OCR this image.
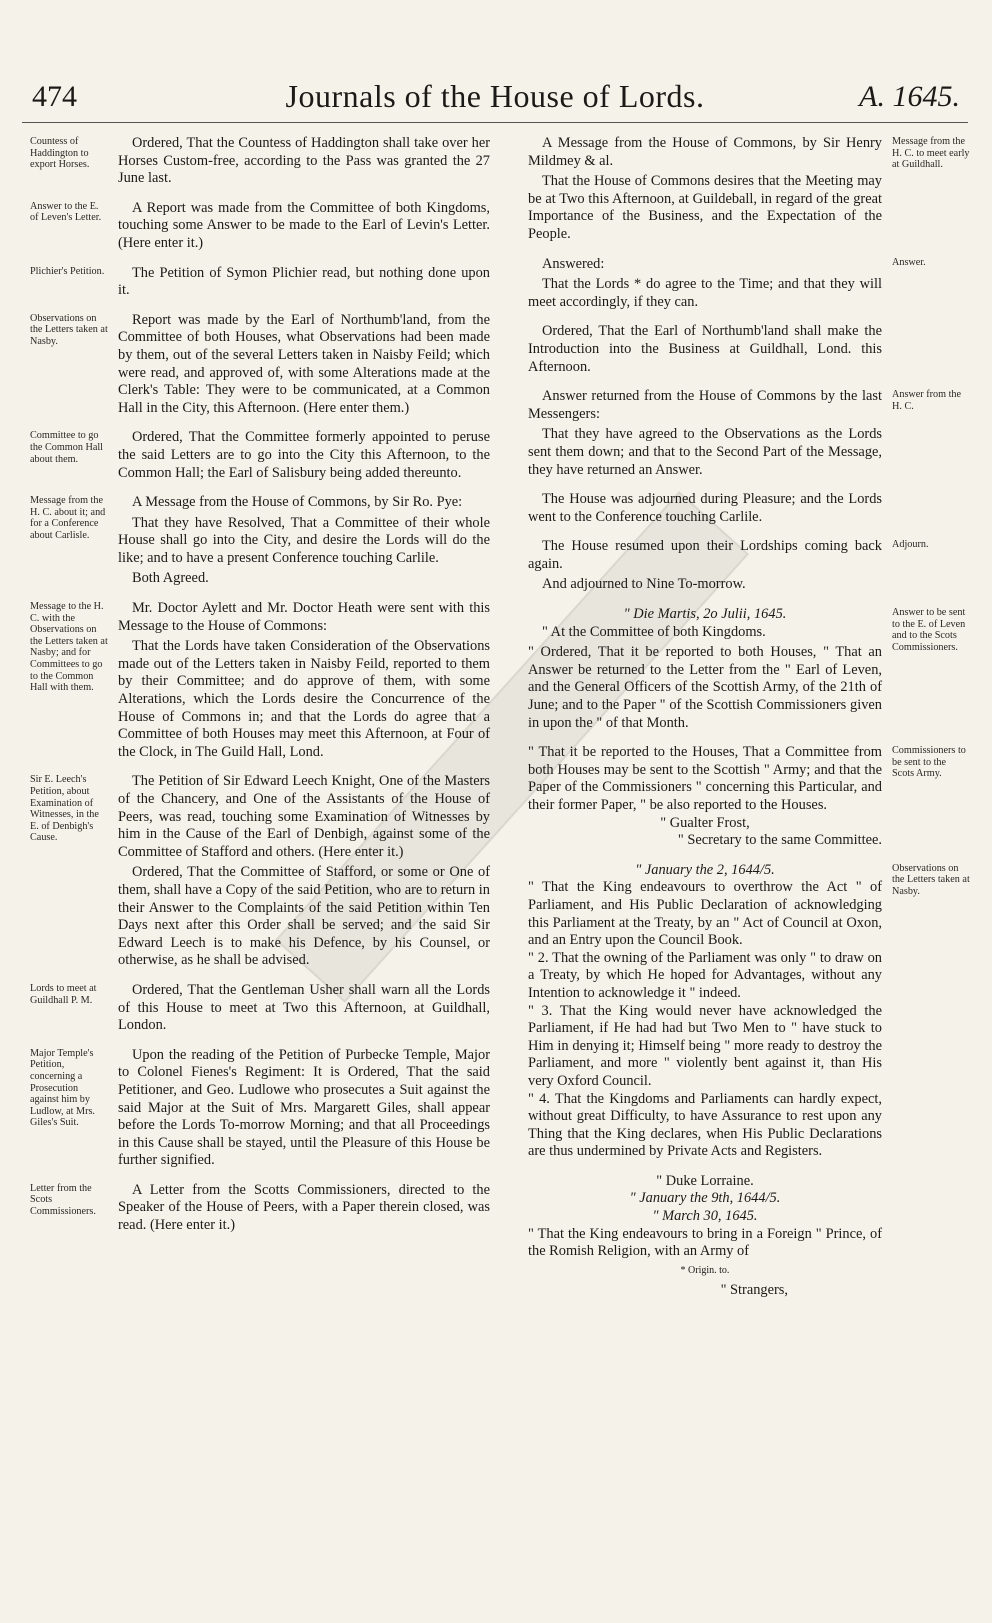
474	Journals of the House of Lords.	A. 1645.
Countess of Haddington to export Horses.
Ordered, That the Countess of Haddington shall take over her Horses Custom-free, according to the Pass was granted the 27 June last.
Answer to the E. of Leven's Letter.
A Report was made from the Committee of both Kingdoms, touching some Answer to be made to the Earl of Levin's Letter. (Here enter it.)
Plichier's Petition.	The Petition of Symon Plichier read, but nothing done upon it.
Observations on the Letters taken at Nasby.
Report was made by the Earl of Northumb'land, from the Committee of both Houses, what Observations had been made by them, out of the several Letters taken in Naisby Feild; which were read, and approved of, with some Alterations made at the Clerk's Table: They were to be communicated, at a Common Hall in the City, this Afternoon. (Here enter them.)
Committee to go the Common Hall about them.
Ordered, That the Committee formerly appointed to peruse the said Letters are to go into the City this Afternoon, to the Common Hall; the Earl of Salisbury being added thereunto.
Message from the H. C. about it; and for a Conference about Carlisle.
A Message from the House of Commons, by Sir Ro. Pye:
That they have Resolved, That a Committee of their whole House shall go into the City, and desire the Lords will do the like; and to have a present Conference touching Carlile.
Both Agreed.
Message to the H. C. with the Observations on the Letters taken at Nasby; and for Committees to go to the Common Hall with them.
Mr. Doctor Aylett and Mr. Doctor Heath were sent with this Message to the House of Commons:
That the Lords have taken Consideration of the Observations made out of the Letters taken in Naisby Feild, reported to them by their Committee; and do approve of them, with some Alterations, which the Lords desire the Concurrence of the House of Commons in; and that the Lords do agree that a Committee of both Houses may meet this Afternoon, at Four of the Clock, in The Guild Hall, Lond.
Sir E. Leech's Petition, about Examination of Witnesses, in the E. of Denbigh's Cause.
The Petition of Sir Edward Leech Knight, One of the Masters of the Chancery, and One of the Assistants of the House of Peers, was read, touching some Examination of Witnesses by him in the Cause of the Earl of Denbigh, against some of the Committee of Stafford and others. (Here enter it.)
Ordered, That the Committee of Stafford, or some or One of them, shall have a Copy of the said Petition, who are to return in their Answer to the Complaints of the said Petition within Ten Days next after this Order shall be served; and the said Sir Edward Leech is to make his Defence, by his Counsel, or otherwise, as he shall be advised.
Lords to meet at Guildhall P. M.
Ordered, That the Gentleman Usher shall warn all the Lords of this House to meet at Two this Afternoon, at Guildhall, London.
Major Temple's Petition, concerning a Prosecution against him by Ludlow, at Mrs. Giles's Suit.
Upon the reading of the Petition of Purbecke Temple, Major to Colonel Fienes's Regiment: It is Ordered, That the said Petitioner, and Geo. Ludlowe who prosecutes a Suit against the said Major at the Suit of Mrs. Margarett Giles, shall appear before the Lords To-morrow Morning; and that all Proceedings in this Cause shall be stayed, until the Pleasure of this House be further signified.
Letter from the Scots Commissioners.
A Letter from the Scotts Commissioners, directed to the Speaker of the House of Peers, with a Paper therein closed, was read. (Here enter it.)
Message from the H. C. to meet early at Guildhall.
A Message from the House of Commons, by Sir Henry Mildmey & al.
That the House of Commons desires that the Meeting may be at Two this Afternoon, at Guildeball, in regard of the great Importance of the Business, and the Expectation of the People.
Answer.
Answered:
That the Lords * do agree to the Time; and that they will meet accordingly, if they can.
Ordered, That the Earl of Northumb'land shall make the Introduction into the Business at Guildhall, Lond. this Afternoon.
Answer from the H. C.
Answer returned from the House of Commons by the last Messengers:
That they have agreed to the Observations as the Lords sent them down; and that to the Second Part of the Message, they have returned an Answer.
The House was adjourned during Pleasure; and the Lords went to the Conference touching Carlile.
Adjourn.
The House resumed upon their Lordships coming back again.
And adjourned to Nine To-morrow.
Answer to be sent to the E. of Leven and to the Scots Commissioners.
" Die Martis, 2o Julii, 1645.
" At the Committee of both Kingdoms.
" Ordered, That it be reported to both Houses, " That an Answer be returned to the Letter from the " Earl of Leven, and the General Officers of the Scottish Army, of the 21th of June; and to the Paper " of the Scottish Commissioners given in upon the " of that Month.
Commissioners to be sent to the Scots Army.
" That it be reported to the Houses, That a Committee from both Houses may be sent to the Scottish " Army; and that the Paper of the Commissioners " concerning this Particular, and their former Paper, " be also reported to the Houses.
" Gualter Frost,
" Secretary to the same Committee.
Observations on the Letters taken at Nasby.
" January the 2, 1644/5.
" That the King endeavours to overthrow the Act " of Parliament, and His Public Declaration of acknowledging this Parliament at the Treaty, by an " Act of Council at Oxon, and an Entry upon the Council Book.
" 2. That the owning of the Parliament was only " to draw on a Treaty, by which He hoped for Advantages, without any Intention to acknowledge it " indeed.
" 3. That the King would never have acknowledged the Parliament, if He had had but Two Men to " have stuck to Him in denying it; Himself being " more ready to destroy the Parliament, and more " violently bent against it, than His very Oxford Council.
" 4. That the Kingdoms and Parliaments can hardly expect, without great Difficulty, to have Assurance to rest upon any Thing that the King declares, when His Public Declarations are thus undermined by Private Acts and Registers.
" Duke Lorraine.
" January the 9th, 1644/5.
" March 30, 1645.
" That the King endeavours to bring in a Foreign " Prince, of the Romish Religion, with an Army of
* Origin. to.
" Strangers,
